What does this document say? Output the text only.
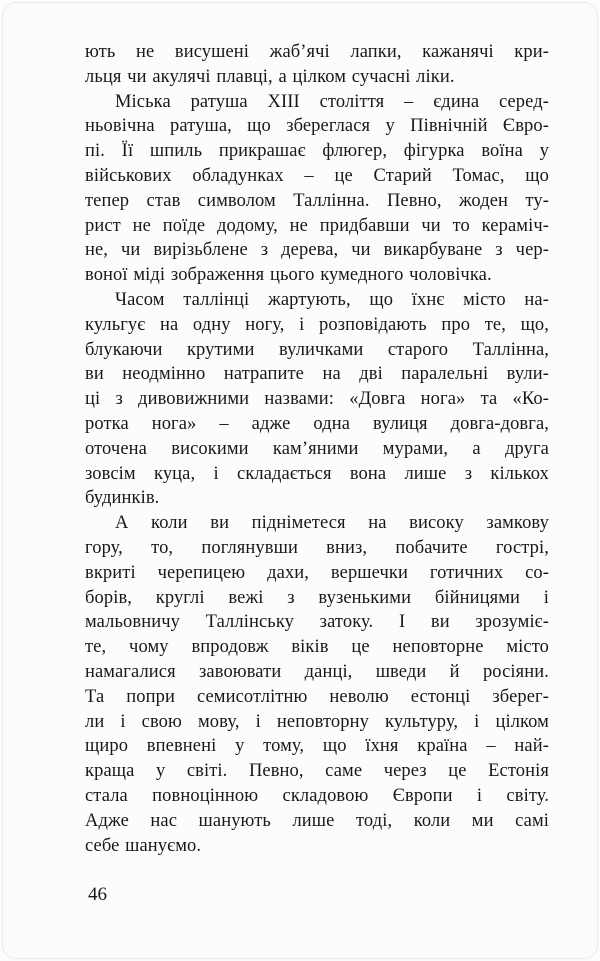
ють не висушені жаб’ячі лапки, кажанячі кри-
льця чи акулячі плавці, а цілком сучасні ліки.
Міська ратуша XIII століття – єдина серед-
ньовічна ратуша, що збереглася у Північній Євро-
пі. Її шпиль прикрашає флюгер, фігурка воїна у
військових обладунках – це Старий Томас, що
тепер став символом Таллінна. Певно, жоден ту-
рист не поїде додому, не придбавши чи то кераміч-
не, чи вирізьблене з дерева, чи викарбуване з чер-
воної міді зображення цього кумедного чоловічка.
Часом таллінці жартують, що їхнє місто на-
кульгує на одну ногу, і розповідають про те, що,
блукаючи крутими вуличками старого Таллінна,
ви неодмінно натрапите на дві паралельні вули-
ці з дивовижними назвами: «Довга нога» та «Ко-
ротка нога» – адже одна вулиця довга-довга,
оточена високими кам’яними мурами, а друга
зовсім куца, і складається вона лише з кількох
будинків.
А коли ви підніметеся на високу замкову
гору, то, поглянувши вниз, побачите гострі,
вкриті черепицею дахи, вершечки готичних со-
борів, круглі вежі з вузенькими бійницями і
мальовничу Таллінську затоку. І ви зрозуміє-
те, чому впродовж віків це неповторне місто
намагалися завоювати данці, шведи й росіяни.
Та попри семисотлітню неволю естонці зберег-
ли і свою мову, і неповторну культуру, і цілком
щиро впевнені у тому, що їхня країна – най-
краща у світі. Певно, саме через це Естонія
стала повноцінною складовою Європи і світу.
Адже нас шанують лише тоді, коли ми самі
себе шануємо.
46
